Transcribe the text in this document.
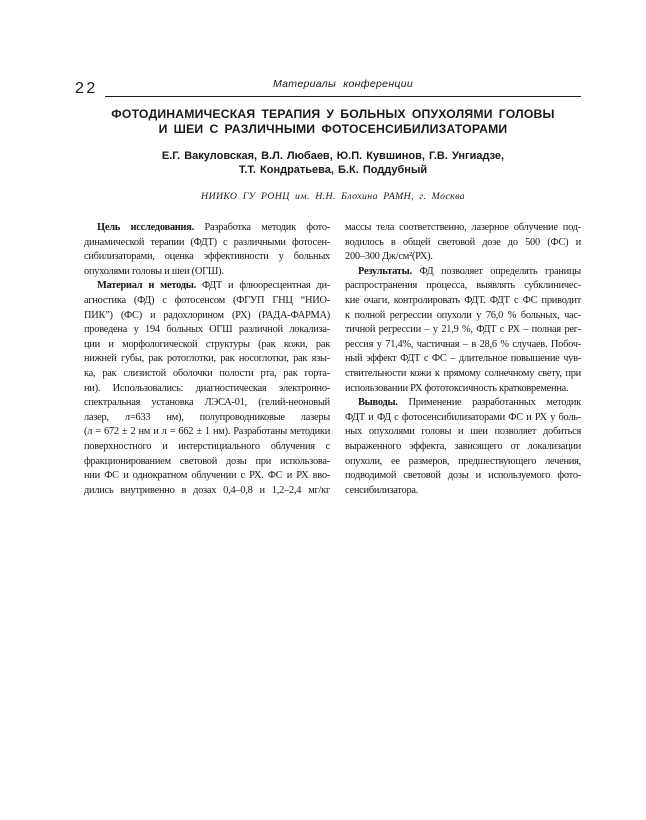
22	Материалы конференции
ФОТОДИНАМИЧЕСКАЯ ТЕРАПИЯ У БОЛЬНЫХ ОПУХОЛЯМИ ГОЛОВЫ
И ШЕИ С РАЗЛИЧНЫМИ ФОТОСЕНСИБИЛИЗАТОРАМИ
Е.Г. Вакуловская, В.Л. Любаев, Ю.П. Кувшинов, Г.В. Унгиадзе,
Т.Т. Кондратьева, Б.К. Поддубный
НИИКО ГУ РОНЦ им. Н.Н. Блохина РАМН, г. Москва
Цель исследования. Разработка методик фото-
динамической терапии (ФДТ) с различными фотосен-
сибилизаторами, оценка эффективности у больных
опухолями головы и шеи (ОГШ).
Материал и методы. ФДТ и флюоресцентная ди-
агностика (ФД) с фотосенсом (ФГУП ГНЦ “НИО-
ПИК”) (ФС) и радохлорином (РХ) (РАДА-ФАРМА)
проведена у 194 больных ОГШ различной локализа-
ции и морфологической структуры (рак кожи, рак
нижней губы, рак ротоглотки, рак носоглотки, рак язы-
ка, рак слизистой оболочки полости рта, рак горта-
ни). Использовались: диагностическая электронно-
спектральная установка ЛЭСА-01, (гелий-неоновый
лазер, л=633 нм), полупроводниковые лазеры
(л = 672 ± 2 нм и л = 662 ± 1 нм). Разработаны методики
поверхностного и интерстициального облучения с
фракционированием световой дозы при использова-
нии ФС и однократном облучении с РХ. ФС и РХ вво-
дились внутривенно в дозах 0,4–0,8 и 1,2–2,4 мг/кг
массы тела соответственно, лазерное облучение под-
водилось в общей световой дозе до 500 (ФС) и
200–300 Дж/см²(РХ).
Результаты. ФД позволяет определять границы
распространения процесса, выявлять субклиничес-
кие очаги, контролировать ФДТ. ФДТ с ФС приводит
к полной регрессии опухоли у 76,0 % больных, час-
тичной регрессии – у 21,9 %, ФДТ с РХ – полная рег-
рессия у 71,4%, частичная – в 28,6 % случаев. Побоч-
ный эффект ФДТ с ФС – длительное повышение чув-
ствительности кожи к прямому солнечному свету, при
использовании РХ фототоксичность кратковременна.
Выводы. Применение разработанных методик
ФДТ и ФД с фотосенсибилизаторами ФС и РХ у боль-
ных опухолями головы и шеи позволяет добиться
выраженного эффекта, зависящего от локализации
опухоли, ее размеров, предшествующего лечения,
подводимой световой дозы и используемого фото-
сенсибилизатора.
